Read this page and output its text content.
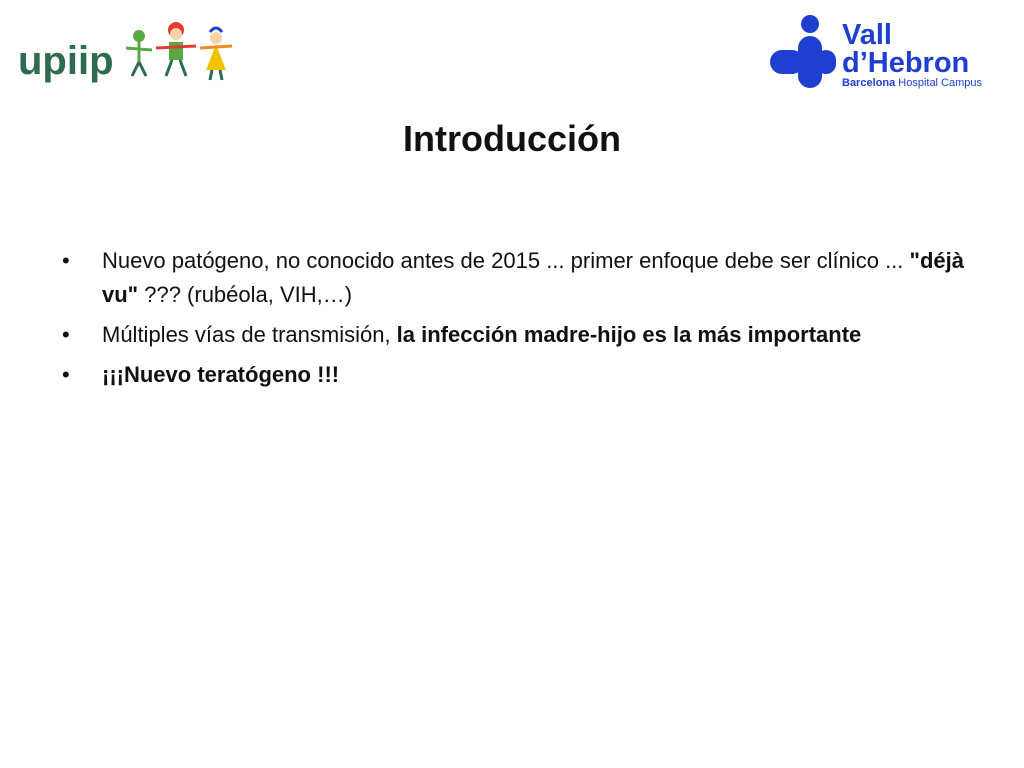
upiip
Vall
d’Hebron
Barcelona Hospital Campus
Introducción
• Nuevo patógeno, no conocido antes de 2015 ... primer enfoque debe ser clínico ... "déjà vu" ??? (rubéola, VIH,…)
• Múltiples vías de transmisión, la infección madre-hijo es la más importante
• ¡¡¡Nuevo teratógeno !!!
